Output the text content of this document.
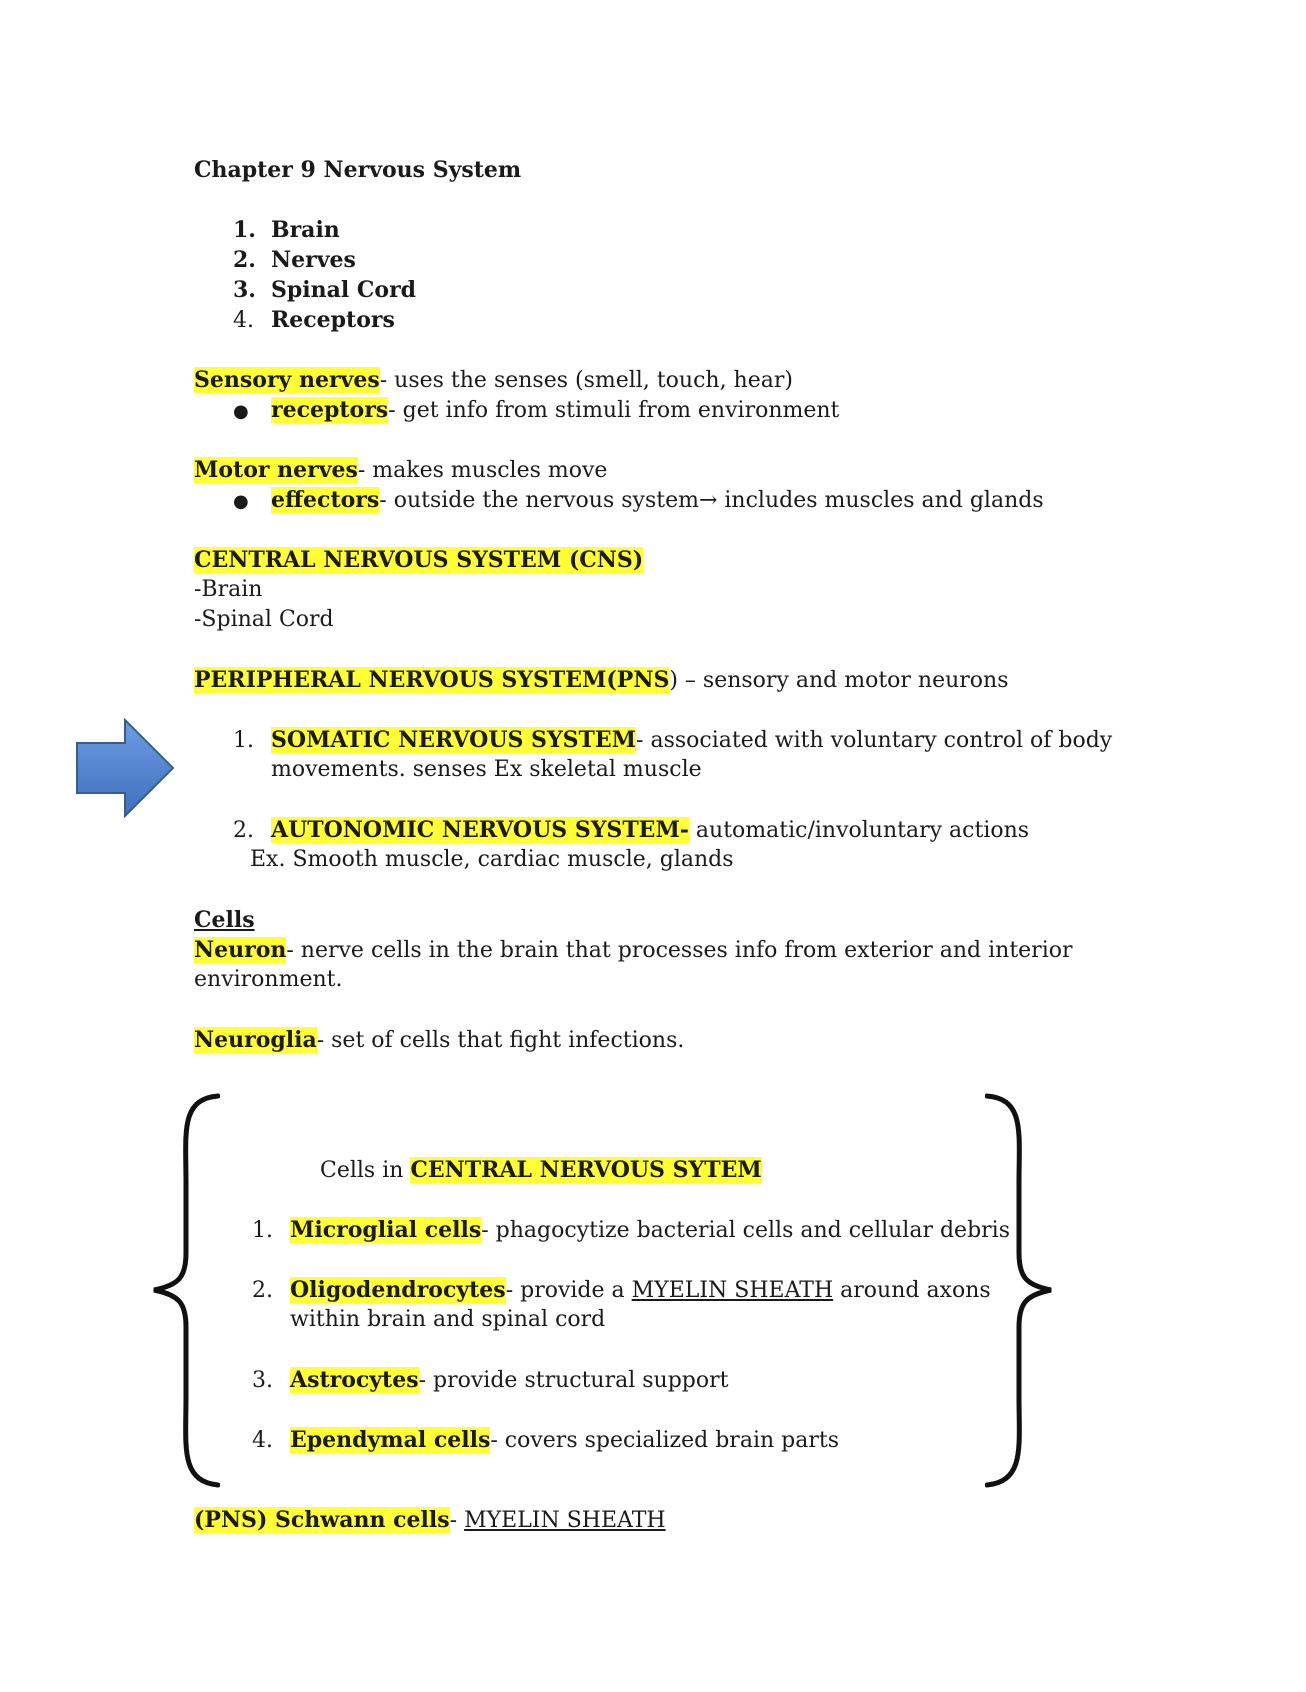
Chapter 9 Nervous System
1. Brain
2. Nerves
3. Spinal Cord
4. Receptors
Sensory nerves- uses the senses (smell, touch, hear)
● receptors- get info from stimuli from environment
Motor nerves- makes muscles move
● effectors- outside the nervous system→ includes muscles and glands
CENTRAL NERVOUS SYSTEM (CNS)
-Brain
-Spinal Cord
PERIPHERAL NERVOUS SYSTEM(PNS) – sensory and motor neurons
1. SOMATIC NERVOUS SYSTEM- associated with voluntary control of body
movements. senses Ex skeletal muscle
2. AUTONOMIC NERVOUS SYSTEM- automatic/involuntary actions
Ex. Smooth muscle, cardiac muscle, glands
Cells
Neuron- nerve cells in the brain that processes info from exterior and interior
environment.
Neuroglia- set of cells that fight infections.
Cells in CENTRAL NERVOUS SYTEM
1. Microglial cells- phagocytize bacterial cells and cellular debris
2. Oligodendrocytes- provide a MYELIN SHEATH around axons
within brain and spinal cord
3. Astrocytes- provide structural support
4. Ependymal cells- covers specialized brain parts
(PNS) Schwann cells- MYELIN SHEATH
